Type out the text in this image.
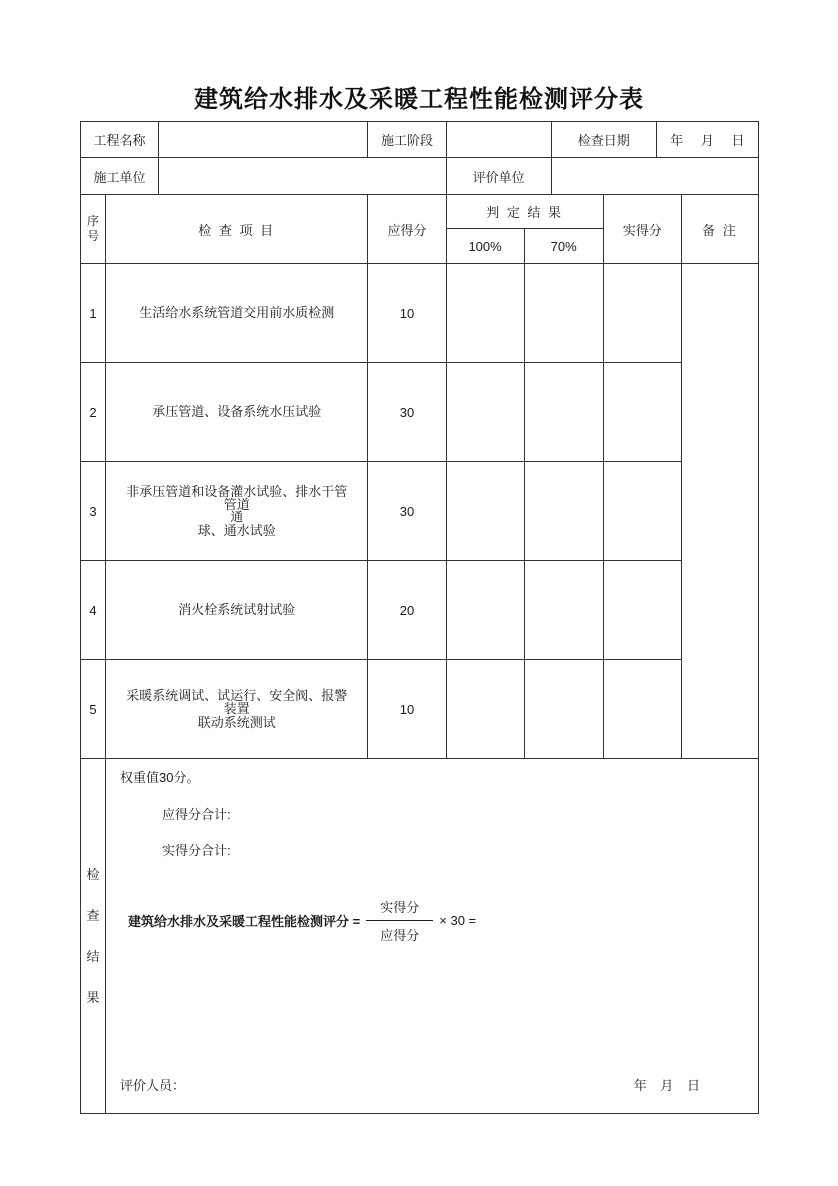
建筑给水排水及采暖工程性能检测评分表
工程名称		施工阶段		检查日期	年 月 日
施工单位			评价单位		
序号	检 查 项 目	应得分	判 定 结 果		实得分	备 注
			100%	70%		
1	生活给水系统管道交用前水质检测	10				
2	承压管道、设备系统水压试验	30				
3	非承压管道和设备灌水试验、排水干管管道
通
球、通水试验	30				
4	消火栓系统试射试验	20				
5	采暖系统调试、试运行、安全阀、报警装置
联动系统测试	10				
检
查
结
果

权重值30分。
应得分合计:
实得分合计:
建筑给水排水及采暖工程性能检测评分 = $\frac{\text{实得分}}{\text{应得分}} \times 30$ =
评价人员：	年 月 日
